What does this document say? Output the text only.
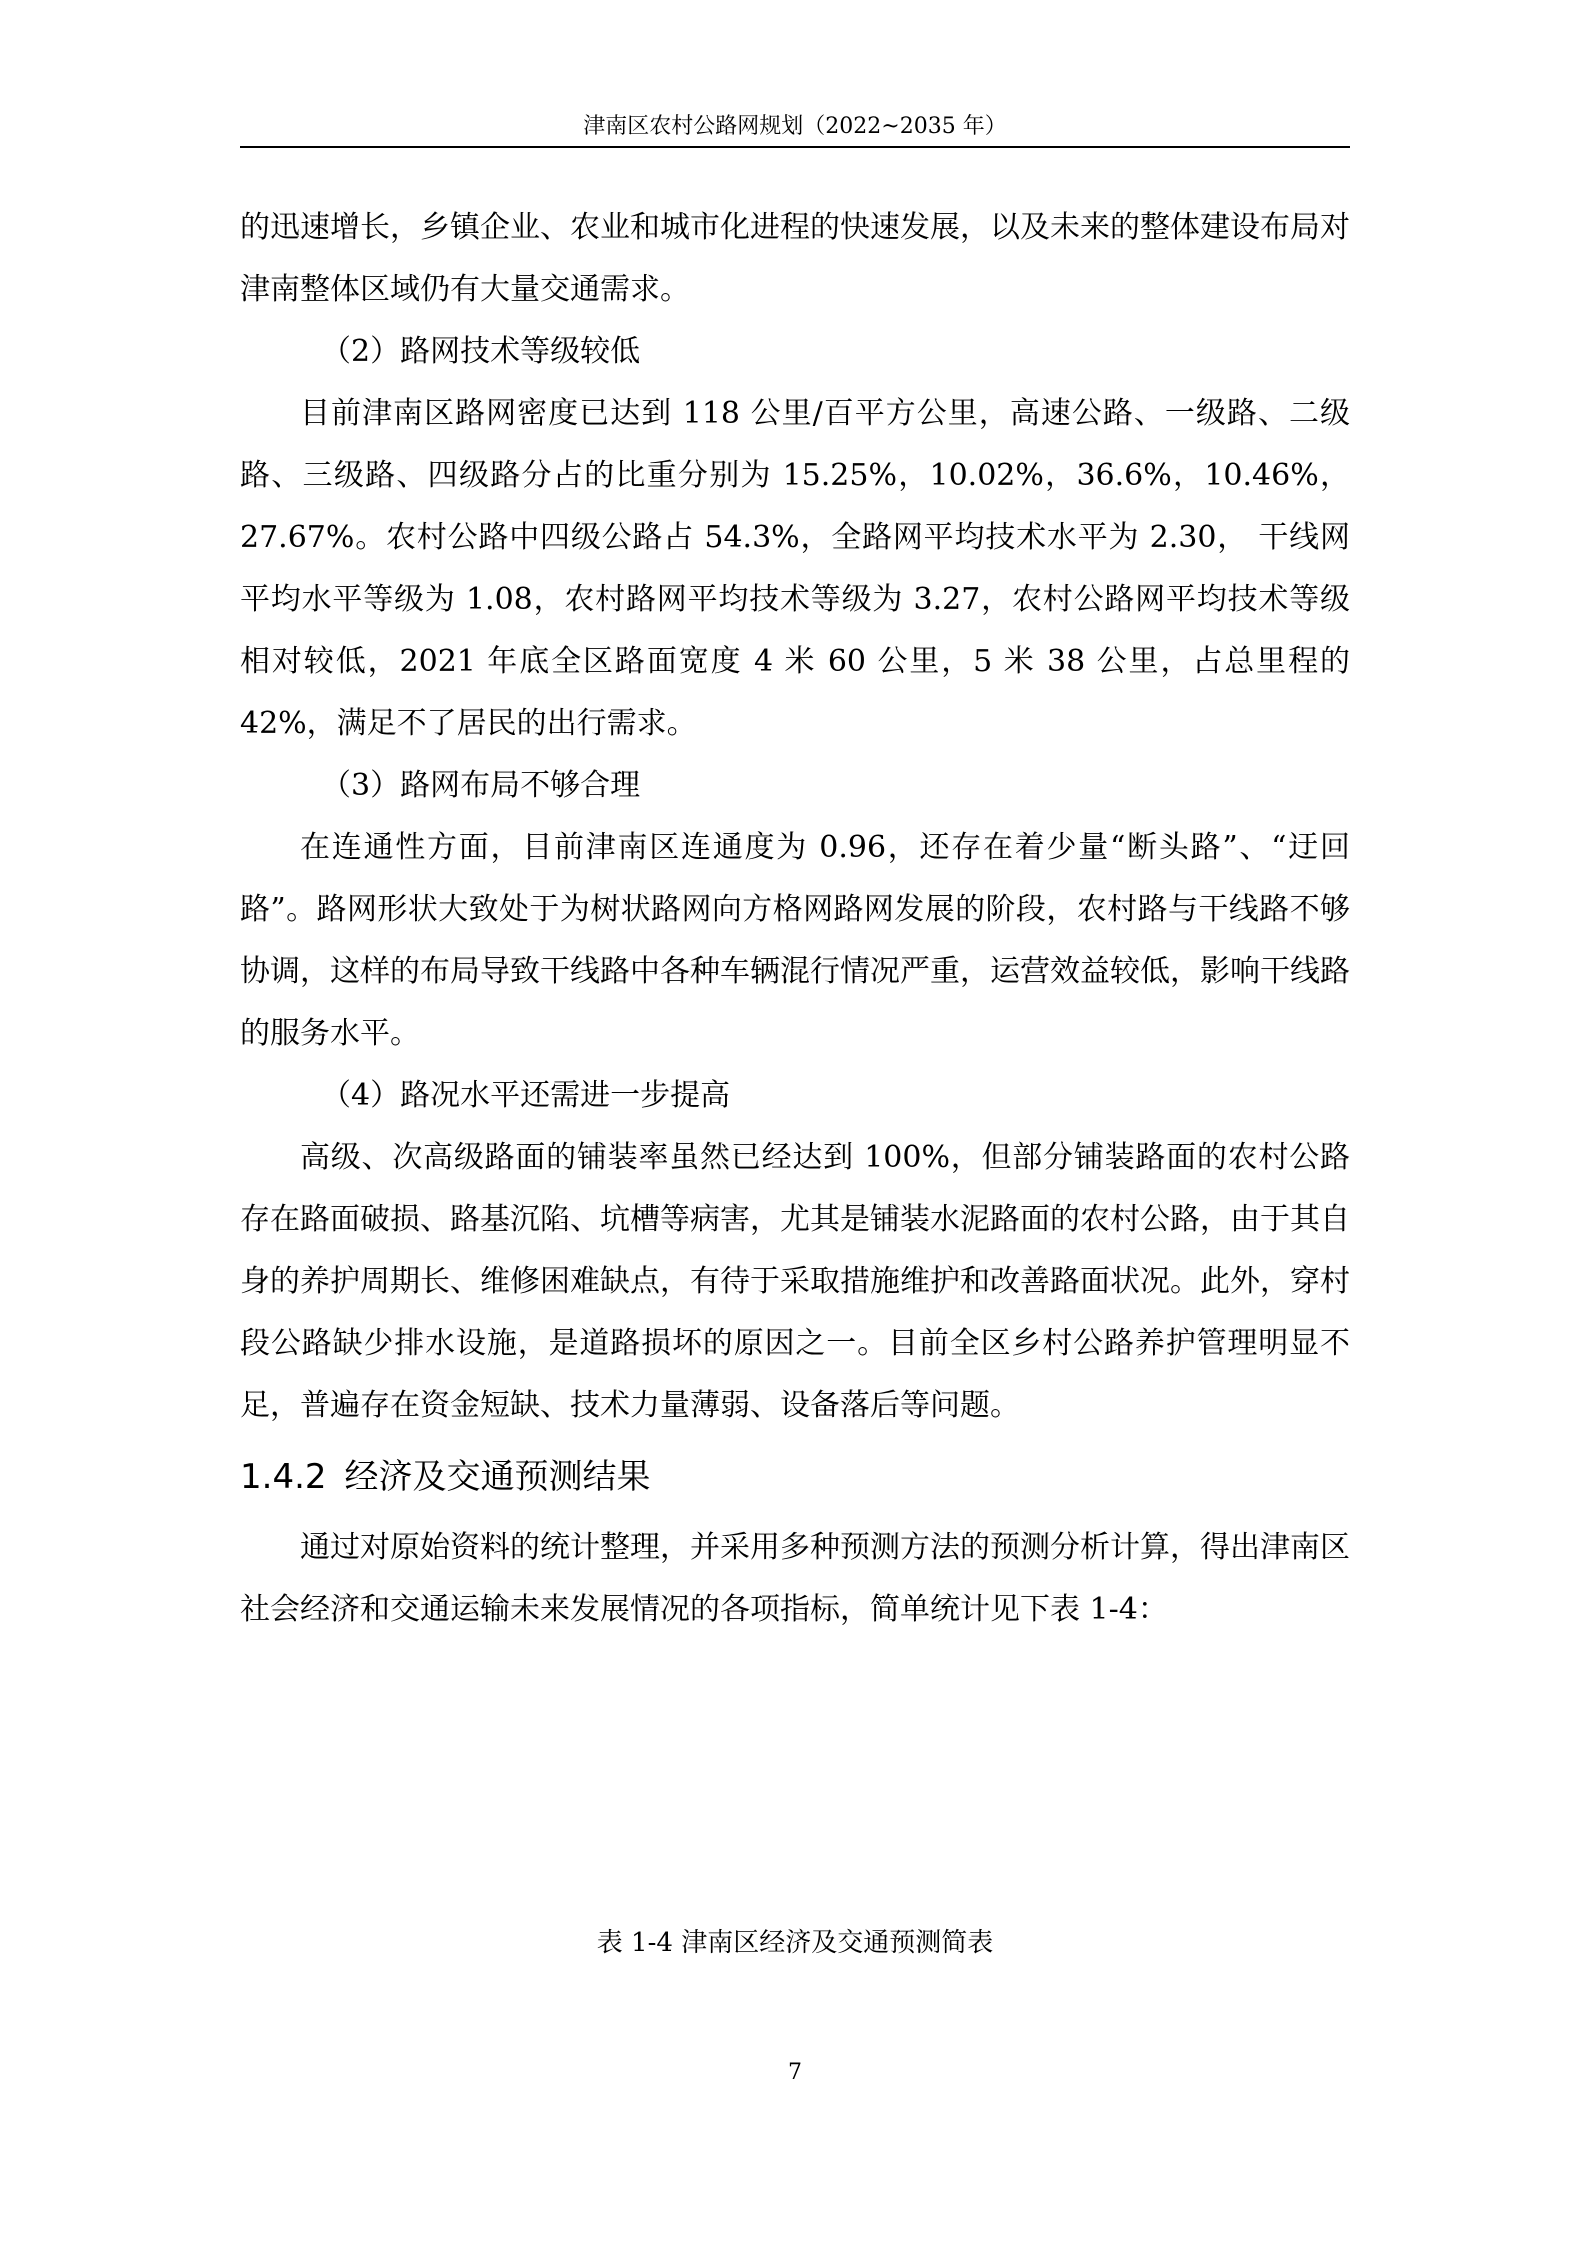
津南区农村公路网规划（2022~2035 年）

的迅速增长，乡镇企业、农业和城市化进程的快速发展，以及未来的整体建设布局对津南整体区域仍有大量交通需求。

（2）路网技术等级较低

目前津南区路网密度已达到 118 公里/百平方公里，高速公路、一级路、二级路、三级路、四级路分占的比重分别为 15.25%，10.02%，36.6%，10.46%，27.67%。农村公路中四级公路占 54.3%，全路网平均技术水平为 2.30， 干线网平均水平等级为 1.08，农村路网平均技术等级为 3.27，农村公路网平均技术等级相对较低，2021 年底全区路面宽度 4 米 60 公里，5 米 38 公里，占总里程的 42%，满足不了居民的出行需求。

（3）路网布局不够合理

在连通性方面，目前津南区连通度为 0.96，还存在着少量“断头路”、“迂回路”。路网形状大致处于为树状路网向方格网路网发展的阶段，农村路与干线路不够协调，这样的布局导致干线路中各种车辆混行情况严重，运营效益较低，影响干线路的服务水平。

（4）路况水平还需进一步提高

高级、次高级路面的铺装率虽然已经达到 100%，但部分铺装路面的农村公路存在路面破损、路基沉陷、坑槽等病害，尤其是铺装水泥路面的农村公路，由于其自身的养护周期长、维修困难缺点，有待于采取措施维护和改善路面状况。此外，穿村段公路缺少排水设施，是道路损坏的原因之一。目前全区乡村公路养护管理明显不足，普遍存在资金短缺、技术力量薄弱、设备落后等问题。

1.4.2 经济及交通预测结果

通过对原始资料的统计整理，并采用多种预测方法的预测分析计算，得出津南区社会经济和交通运输未来发展情况的各项指标，简单统计见下表 1-4：

表 1-4 津南区经济及交通预测简表
7
